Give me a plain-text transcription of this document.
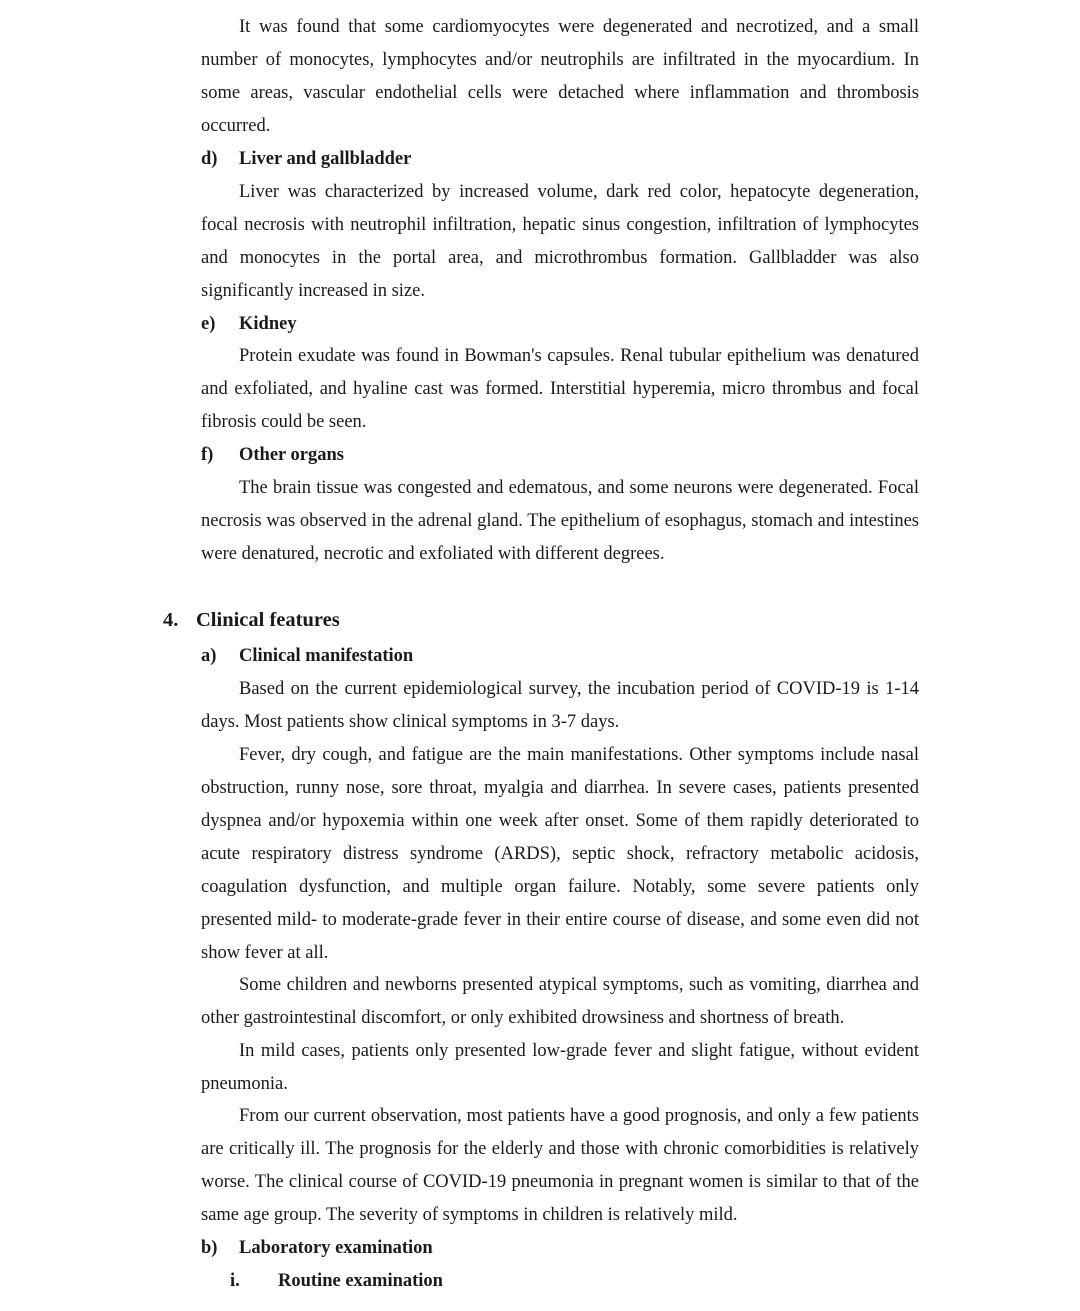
It was found that some cardiomyocytes were degenerated and necrotized, and a small number of monocytes, lymphocytes and/or neutrophils are infiltrated in the myocardium. In some areas, vascular endothelial cells were detached where inflammation and thrombosis occurred.

d) Liver and gallbladder

Liver was characterized by increased volume, dark red color, hepatocyte degeneration, focal necrosis with neutrophil infiltration, hepatic sinus congestion, infiltration of lymphocytes and monocytes in the portal area, and microthrombus formation. Gallbladder was also significantly increased in size.

e) Kidney

Protein exudate was found in Bowman's capsules. Renal tubular epithelium was denatured and exfoliated, and hyaline cast was formed. Interstitial hyperemia, micro thrombus and focal fibrosis could be seen.

f) Other organs

The brain tissue was congested and edematous, and some neurons were degenerated. Focal necrosis was observed in the adrenal gland. The epithelium of esophagus, stomach and intestines were denatured, necrotic and exfoliated with different degrees.

4. Clinical features
a) Clinical manifestation

Based on the current epidemiological survey, the incubation period of COVID-19 is 1-14 days. Most patients show clinical symptoms in 3-7 days.

Fever, dry cough, and fatigue are the main manifestations. Other symptoms include nasal obstruction, runny nose, sore throat, myalgia and diarrhea. In severe cases, patients presented dyspnea and/or hypoxemia within one week after onset. Some of them rapidly deteriorated to acute respiratory distress syndrome (ARDS), septic shock, refractory metabolic acidosis, coagulation dysfunction, and multiple organ failure. Notably, some severe patients only presented mild- to moderate-grade fever in their entire course of disease, and some even did not show fever at all.

Some children and newborns presented atypical symptoms, such as vomiting, diarrhea and other gastrointestinal discomfort, or only exhibited drowsiness and shortness of breath.

In mild cases, patients only presented low-grade fever and slight fatigue, without evident pneumonia.

From our current observation, most patients have a good prognosis, and only a few patients are critically ill. The prognosis for the elderly and those with chronic comorbidities is relatively worse. The clinical course of COVID-19 pneumonia in pregnant women is similar to that of the same age group. The severity of symptoms in children is relatively mild.

b) Laboratory examination
i. Routine examination
